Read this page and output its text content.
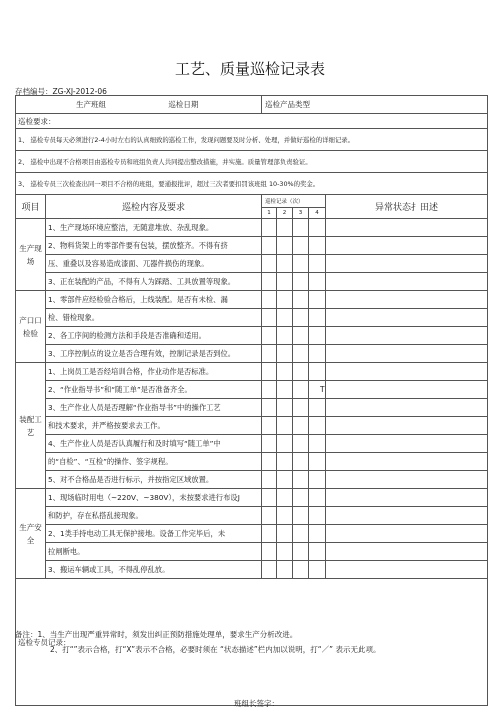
工艺、质量巡检记录表
存档编号：ZG-XJ-2012-06
生产班组 巡检日期		巡检产品类型				
巡检要求：						
1、 巡检专员每天必须进行2-4小时左右的认真细致的巡检工作，发现问题要及时分析、处理，并做好巡检的详细记录。						
2、 巡检中出现不合格项目由巡检专员和班组负责人共同提出整改措施，并实施。质量管理部负责验证。						
3、 巡检专员三次检查出同一项目不合格的班组，要通报批评，超过三次者要扣罚该班组 10-30%的奖金。						
项目	巡检内容及要求	巡检记录（次）				异常状态扌田述
		1	2	3	4	
生产现
场	1、生产现场环境应整洁，无随意堆放、杂乱现象。					
	2、物料货架上的零部件要有包装，摆放整齐。不得有挤					
	压、重叠以及容易造成漆面、兀器件损伤的现象。					
	3、正在装配的产品，不得有人为踩踏、工具放置等现象。					
产口口
检验	1、零部件应经检验合格后，上线装配。是否有未检、漏					
	检、错检现象。					
	2、各工序间的检测方法和手段是否准确和适用。					
	3、工序控制点的设立是否合理有效，控制记录是否到位。					
装配工
艺	1、上岗员工是否经培训合格，作业动作是否标准。					
	2、“作业指导书”和“随工单”是否准备齐全。					T
	3、生产作业人员是否理解“作业指导书”中的操作工艺					
	和技术要求，并严格按要求去工作。					
	4、生产作业人员是否认真履行和及时填写“随工单”中					
	的“自检”、“互检”的操作、签字规程。					
	5、对不合格品是否进行标示，并按指定区域放置。					
生产安
全	1、现场临时用电（~220V、~380V），未按要求进行布设J					
	和防护，存在私搭乱接现象。					
	2、1类手持电动工具无保护接地。设备工作完毕后，未					
	拉闸断电。					
	3、搬运车辆或工具，不得乱停乱放。					

巡检专员记录：
班组长签字：						
备注：1、当生产出现严重异常时，须发出纠正预防措施处理单，要求生产分析改进。
2、打“”表示合格，打“X”表示不合格，必要时须在 “状态描述”栏内加以说明，打“／” 表示无此项。
